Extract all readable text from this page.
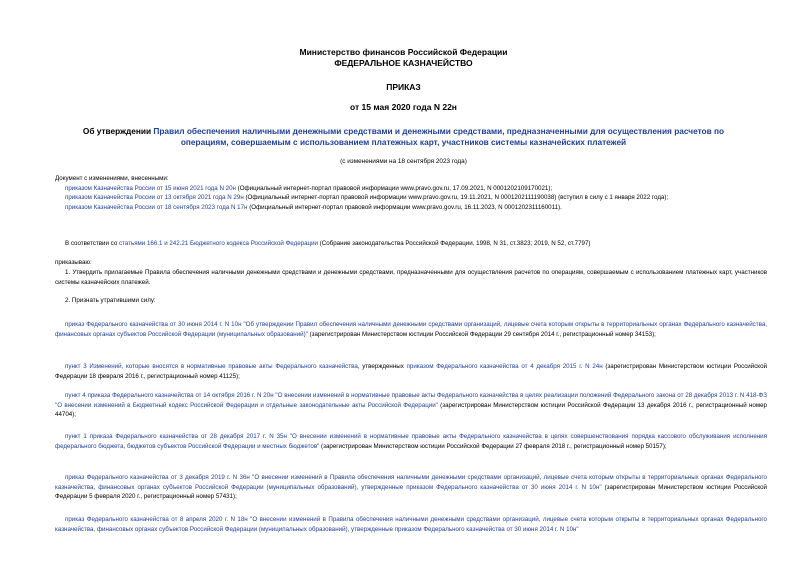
Министерство финансов Российской Федерации
ФЕДЕРАЛЬНОЕ КАЗНАЧЕЙСТВО
ПРИКАЗ
от 15 мая 2020 года N 22н
Об утверждении Правил обеспечения наличными денежными средствами и денежными средствами, предназначенными для осуществления расчетов по операциям, совершаемым с использованием платежных карт, участников системы казначейских платежей
(с изменениями на 18 сентября 2023 года)
Документ с изменениями, внесенными:
приказом Казначейства России от 15 июня 2021 года N 20н (Официальный интернет-портал правовой информации www.pravo.gov.ru, 17.09.2021, N 0001202109170021);
приказом Казначейства России от 13 октября 2021 года N 29н (Официальный интернет-портал правовой информации www.pravo.gov.ru, 19.11.2021, N 0001202111190038) (вступил в силу с 1 января 2022 года);
приказом Казначейства России от 18 сентября 2023 года N 17н (Официальный интернет-портал правовой информации www.pravo.gov.ru, 16.11.2023, N 0001202311160011).
В соответствии со статьями 166.1 и 242.21 Бюджетного кодекса Российской Федерации (Собрание законодательства Российской Федерации, 1998, N 31, ст.3823; 2019, N 52, ст.7797)
приказываю:
1. Утвердить прилагаемые Правила обеспечения наличными денежными средствами и денежными средствами, предназначенными для осуществления расчетов по операциям, совершаемым с использованием платежных карт, участников системы казначейских платежей.
2. Признать утратившими силу:
приказ Федерального казначейства от 30 июня 2014 г. N 10н "Об утверждении Правил обеспечения наличными денежными средствами организаций, лицевые счета которым открыты в территориальных органах Федерального казначейства, финансовых органах субъектов Российской Федерации (муниципальных образований)" (зарегистрирован Министерством юстиции Российской Федерации 29 сентября 2014 г., регистрационный номер 34153);
пункт 3 Изменений, которые вносятся в нормативные правовые акты Федерального казначейства, утвержденных приказом Федерального казначейства от 4 декабря 2015 г. N 24н (зарегистрирован Министерством юстиции Российской Федерации 18 февраля 2016 г., регистрационный номер 41125);
пункт 4 приказа Федерального казначейства от 14 октября 2016 г. N 20н "О внесении изменений в нормативные правовые акты Федерального казначейства в целях реализации положений Федерального закона от 28 декабря 2013 г. N 418-ФЗ "О внесении изменений в Бюджетный кодекс Российской Федерации и отдельные законодательные акты Российской Федерации" (зарегистрирован Министерством юстиции Российской Федерации 13 декабря 2016 г., регистрационный номер 44704);
пункт 1 приказа Федерального казначейства от 28 декабря 2017 г. N 35н "О внесении изменений в нормативные правовые акты Федерального казначейства в целях совершенствования порядка кассового обслуживания исполнения федерального бюджета, бюджетов субъектов Российской Федерации и местных бюджетов" (зарегистрирован Министерством юстиции Российской Федерации 27 февраля 2018 г., регистрационный номер 50157);
приказ Федерального казначейства от 3 декабря 2019 г. N 36н "О внесении изменений в Правила обеспечения наличными денежными средствами организаций, лицевые счета которым открыты в территориальных органах Федерального казначейства, финансовых органах субъектов Российской Федерации (муниципальных образований), утвержденные приказом Федерального казначейства от 30 июня 2014 г. N 10н" (зарегистрирован Министерством юстиции Российской Федерации 5 февраля 2020 г., регистрационный номер 57431);
приказ Федерального казначейства от 8 апреля 2020 г. N 18н "О внесении изменений в Правила обеспечения наличными денежными средствами организаций, лицевые счета которым открыты в территориальных органах Федерального казначейства, финансовых органах субъектов Российской Федерации (муниципальных образований), утвержденные приказом Федерального казначейства от 30 июня 2014 г. N 10н"
